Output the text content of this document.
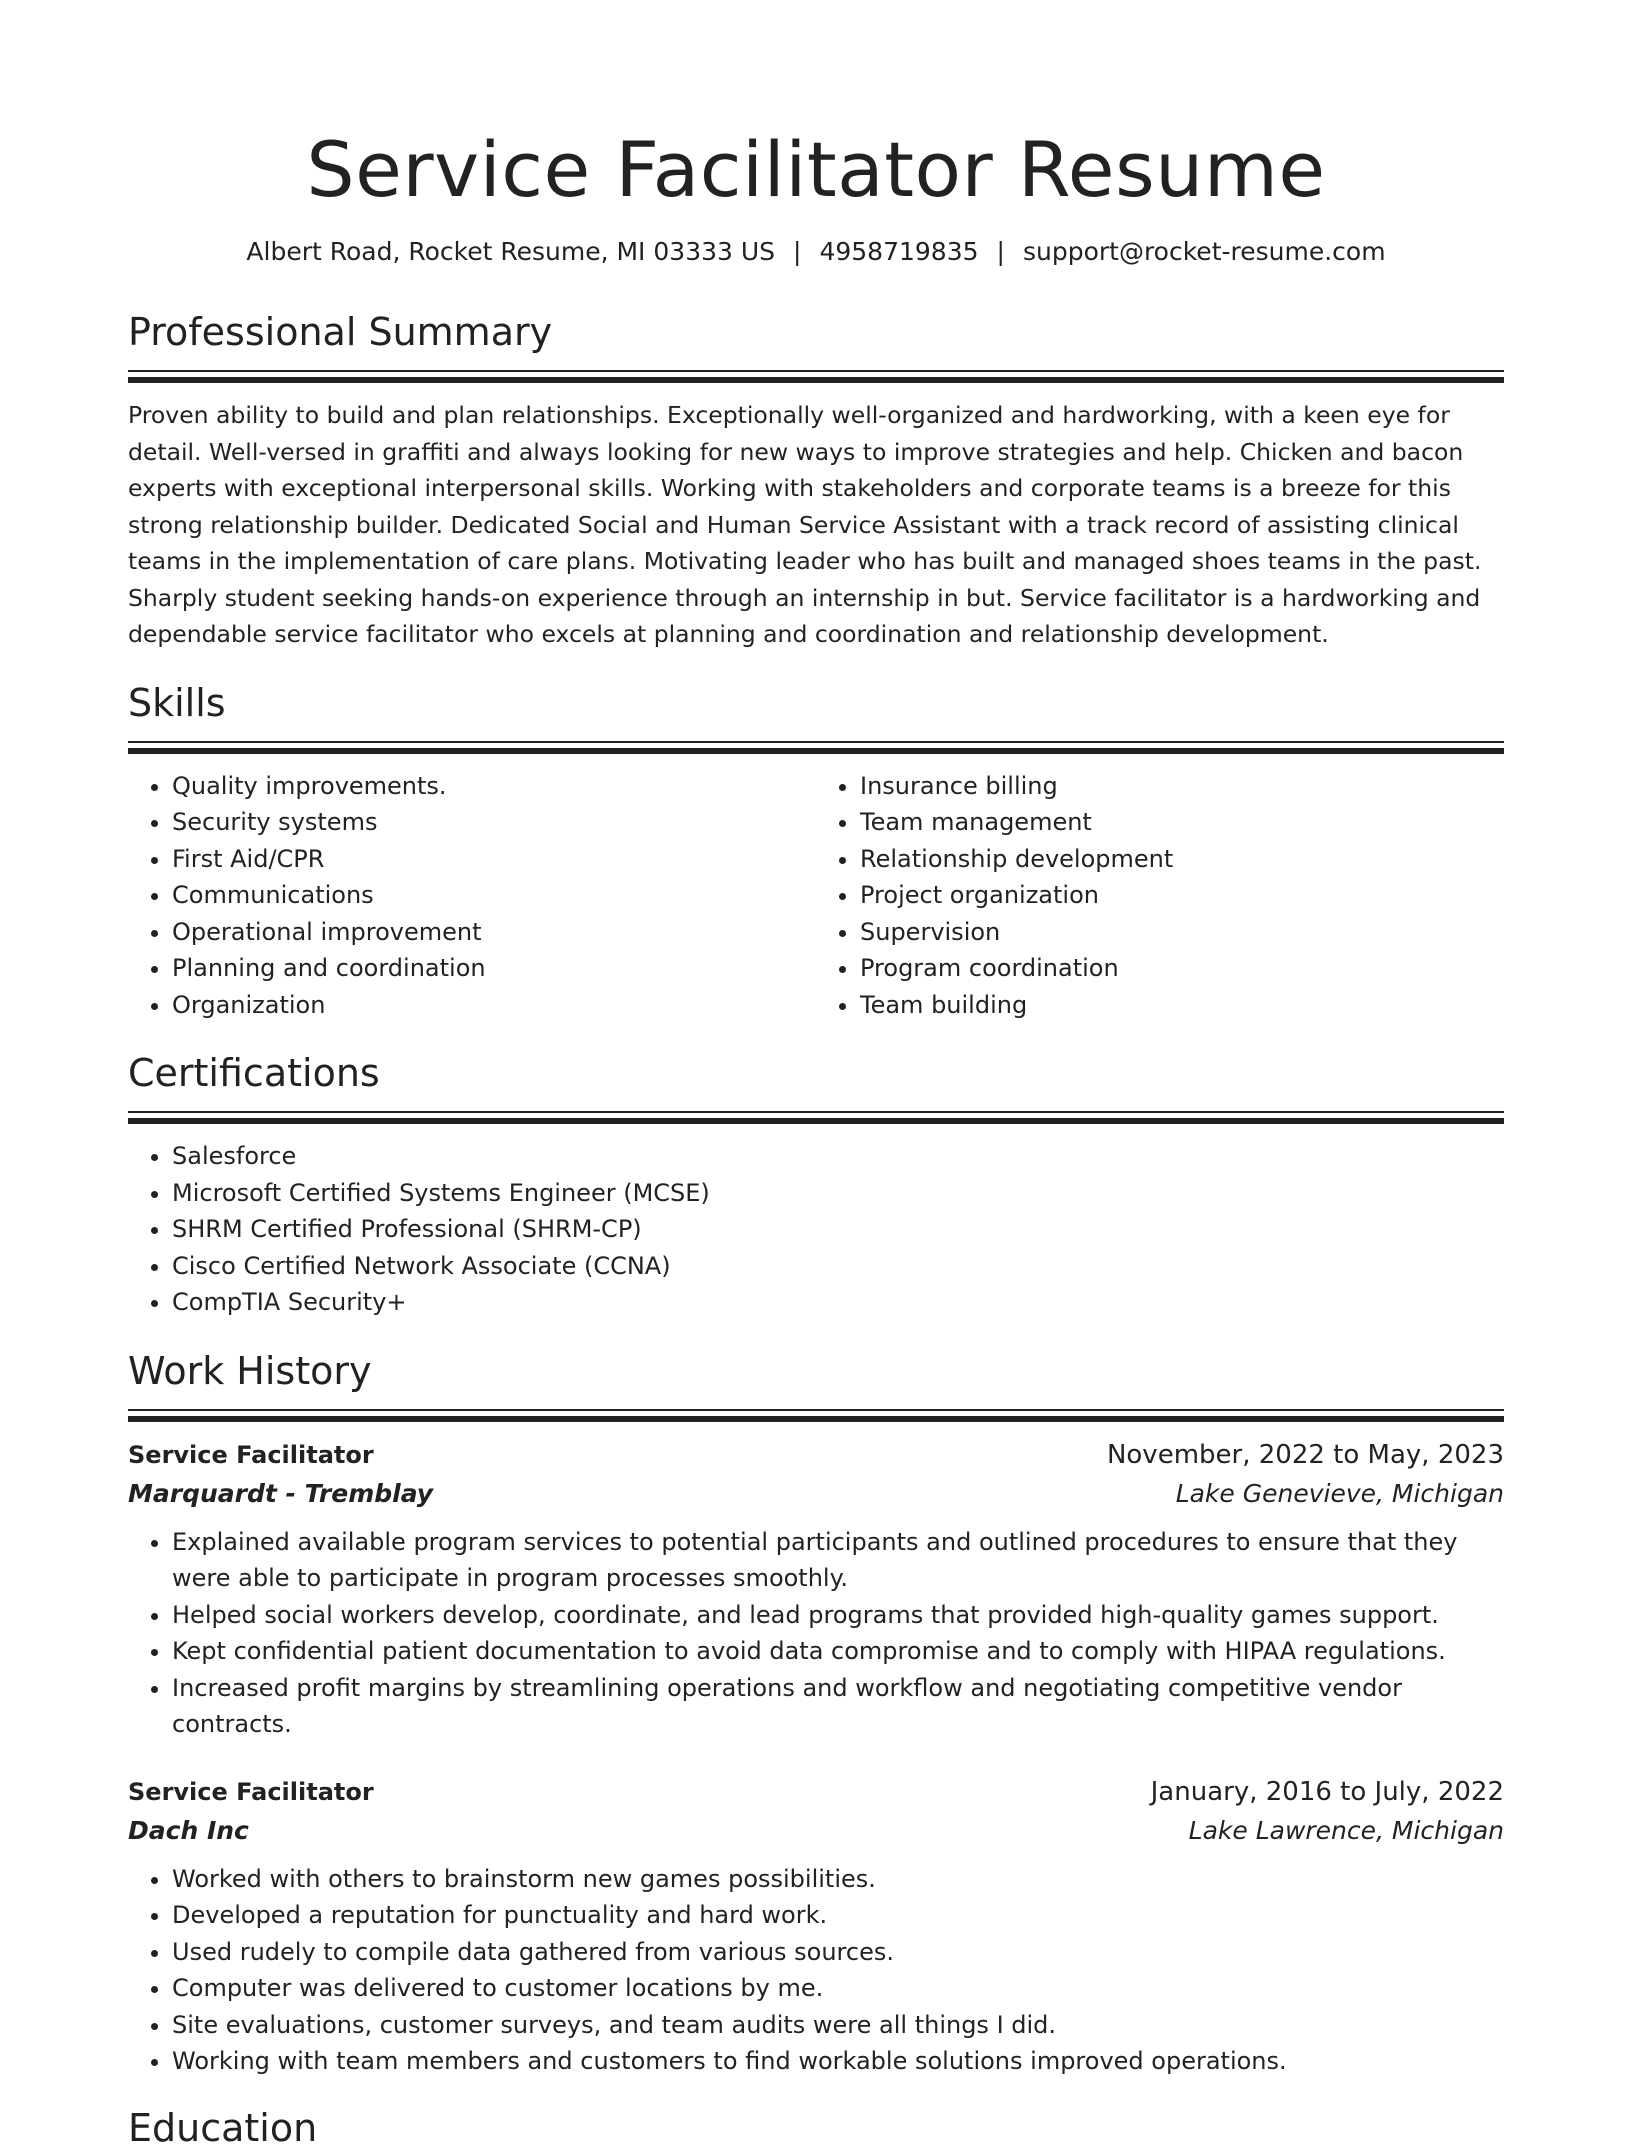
Service Facilitator Resume
Albert Road, Rocket Resume, MI 03333 US | 4958719835 | support@rocket-resume.com
Professional Summary
Proven ability to build and plan relationships. Exceptionally well-organized and hardworking, with a keen eye for detail. Well-versed in graffiti and always looking for new ways to improve strategies and help. Chicken and bacon experts with exceptional interpersonal skills. Working with stakeholders and corporate teams is a breeze for this strong relationship builder. Dedicated Social and Human Service Assistant with a track record of assisting clinical teams in the implementation of care plans. Motivating leader who has built and managed shoes teams in the past. Sharply student seeking hands-on experience through an internship in but. Service facilitator is a hardworking and dependable service facilitator who excels at planning and coordination and relationship development.
Skills
• Quality improvements.
• Security systems
• First Aid/CPR
• Communications
• Operational improvement
• Planning and coordination
• Organization
• Insurance billing
• Team management
• Relationship development
• Project organization
• Supervision
• Program coordination
• Team building
Certifications
• Salesforce
• Microsoft Certified Systems Engineer (MCSE)
• SHRM Certified Professional (SHRM-CP)
• Cisco Certified Network Associate (CCNA)
• CompTIA Security+
Work History
Service Facilitator	November, 2022 to May, 2023
Marquardt - Tremblay	Lake Genevieve, Michigan
• Explained available program services to potential participants and outlined procedures to ensure that they were able to participate in program processes smoothly.
• Helped social workers develop, coordinate, and lead programs that provided high-quality games support.
• Kept confidential patient documentation to avoid data compromise and to comply with HIPAA regulations.
• Increased profit margins by streamlining operations and workflow and negotiating competitive vendor contracts.
Service Facilitator	January, 2016 to July, 2022
Dach Inc	Lake Lawrence, Michigan
• Worked with others to brainstorm new games possibilities.
• Developed a reputation for punctuality and hard work.
• Used rudely to compile data gathered from various sources.
• Computer was delivered to customer locations by me.
• Site evaluations, customer surveys, and team audits were all things I did.
• Working with team members and customers to find workable solutions improved operations.
Education
